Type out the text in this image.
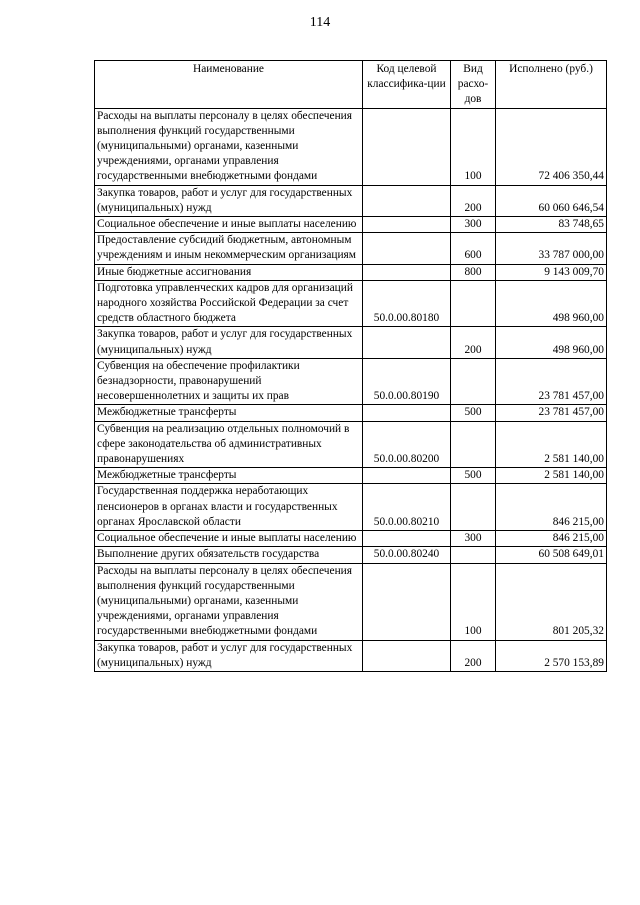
114
Наименование	Код целевой классифика-ции	Вид расхо-дов	Исполнено (руб.)
Расходы на выплаты персоналу в целях обеспечения выполнения функций государственными (муниципальными) органами, казенными учреждениями, органами управления государственными внебюджетными фондами		100	72 406 350,44
Закупка товаров, работ и услуг для государственных (муниципальных) нужд		200	60 060 646,54
Социальное обеспечение и иные выплаты населению		300	83 748,65
Предоставление субсидий бюджетным, автономным учреждениям и иным некоммерческим организациям		600	33 787 000,00
Иные бюджетные ассигнования		800	9 143 009,70
Подготовка управленческих кадров для организаций народного хозяйства Российской Федерации за счет средств областного бюджета	50.0.00.80180		498 960,00
Закупка товаров, работ и услуг для государственных (муниципальных) нужд		200	498 960,00
Субвенция на обеспечение профилактики безнадзорности, правонарушений несовершеннолетних и защиты их прав	50.0.00.80190		23 781 457,00
Межбюджетные трансферты		500	23 781 457,00
Субвенция на реализацию отдельных полномочий в сфере законодательства об административных правонарушениях	50.0.00.80200		2 581 140,00
Межбюджетные трансферты		500	2 581 140,00
Государственная поддержка неработающих пенсионеров в органах власти и государственных органах Ярославской области	50.0.00.80210		846 215,00
Социальное обеспечение и иные выплаты населению		300	846 215,00
Выполнение других обязательств государства	50.0.00.80240		60 508 649,01
Расходы на выплаты персоналу в целях обеспечения выполнения функций государственными (муниципальными) органами, казенными учреждениями, органами управления государственными внебюджетными фондами		100	801 205,32
Закупка товаров, работ и услуг для государственных (муниципальных) нужд		200	2 570 153,89
